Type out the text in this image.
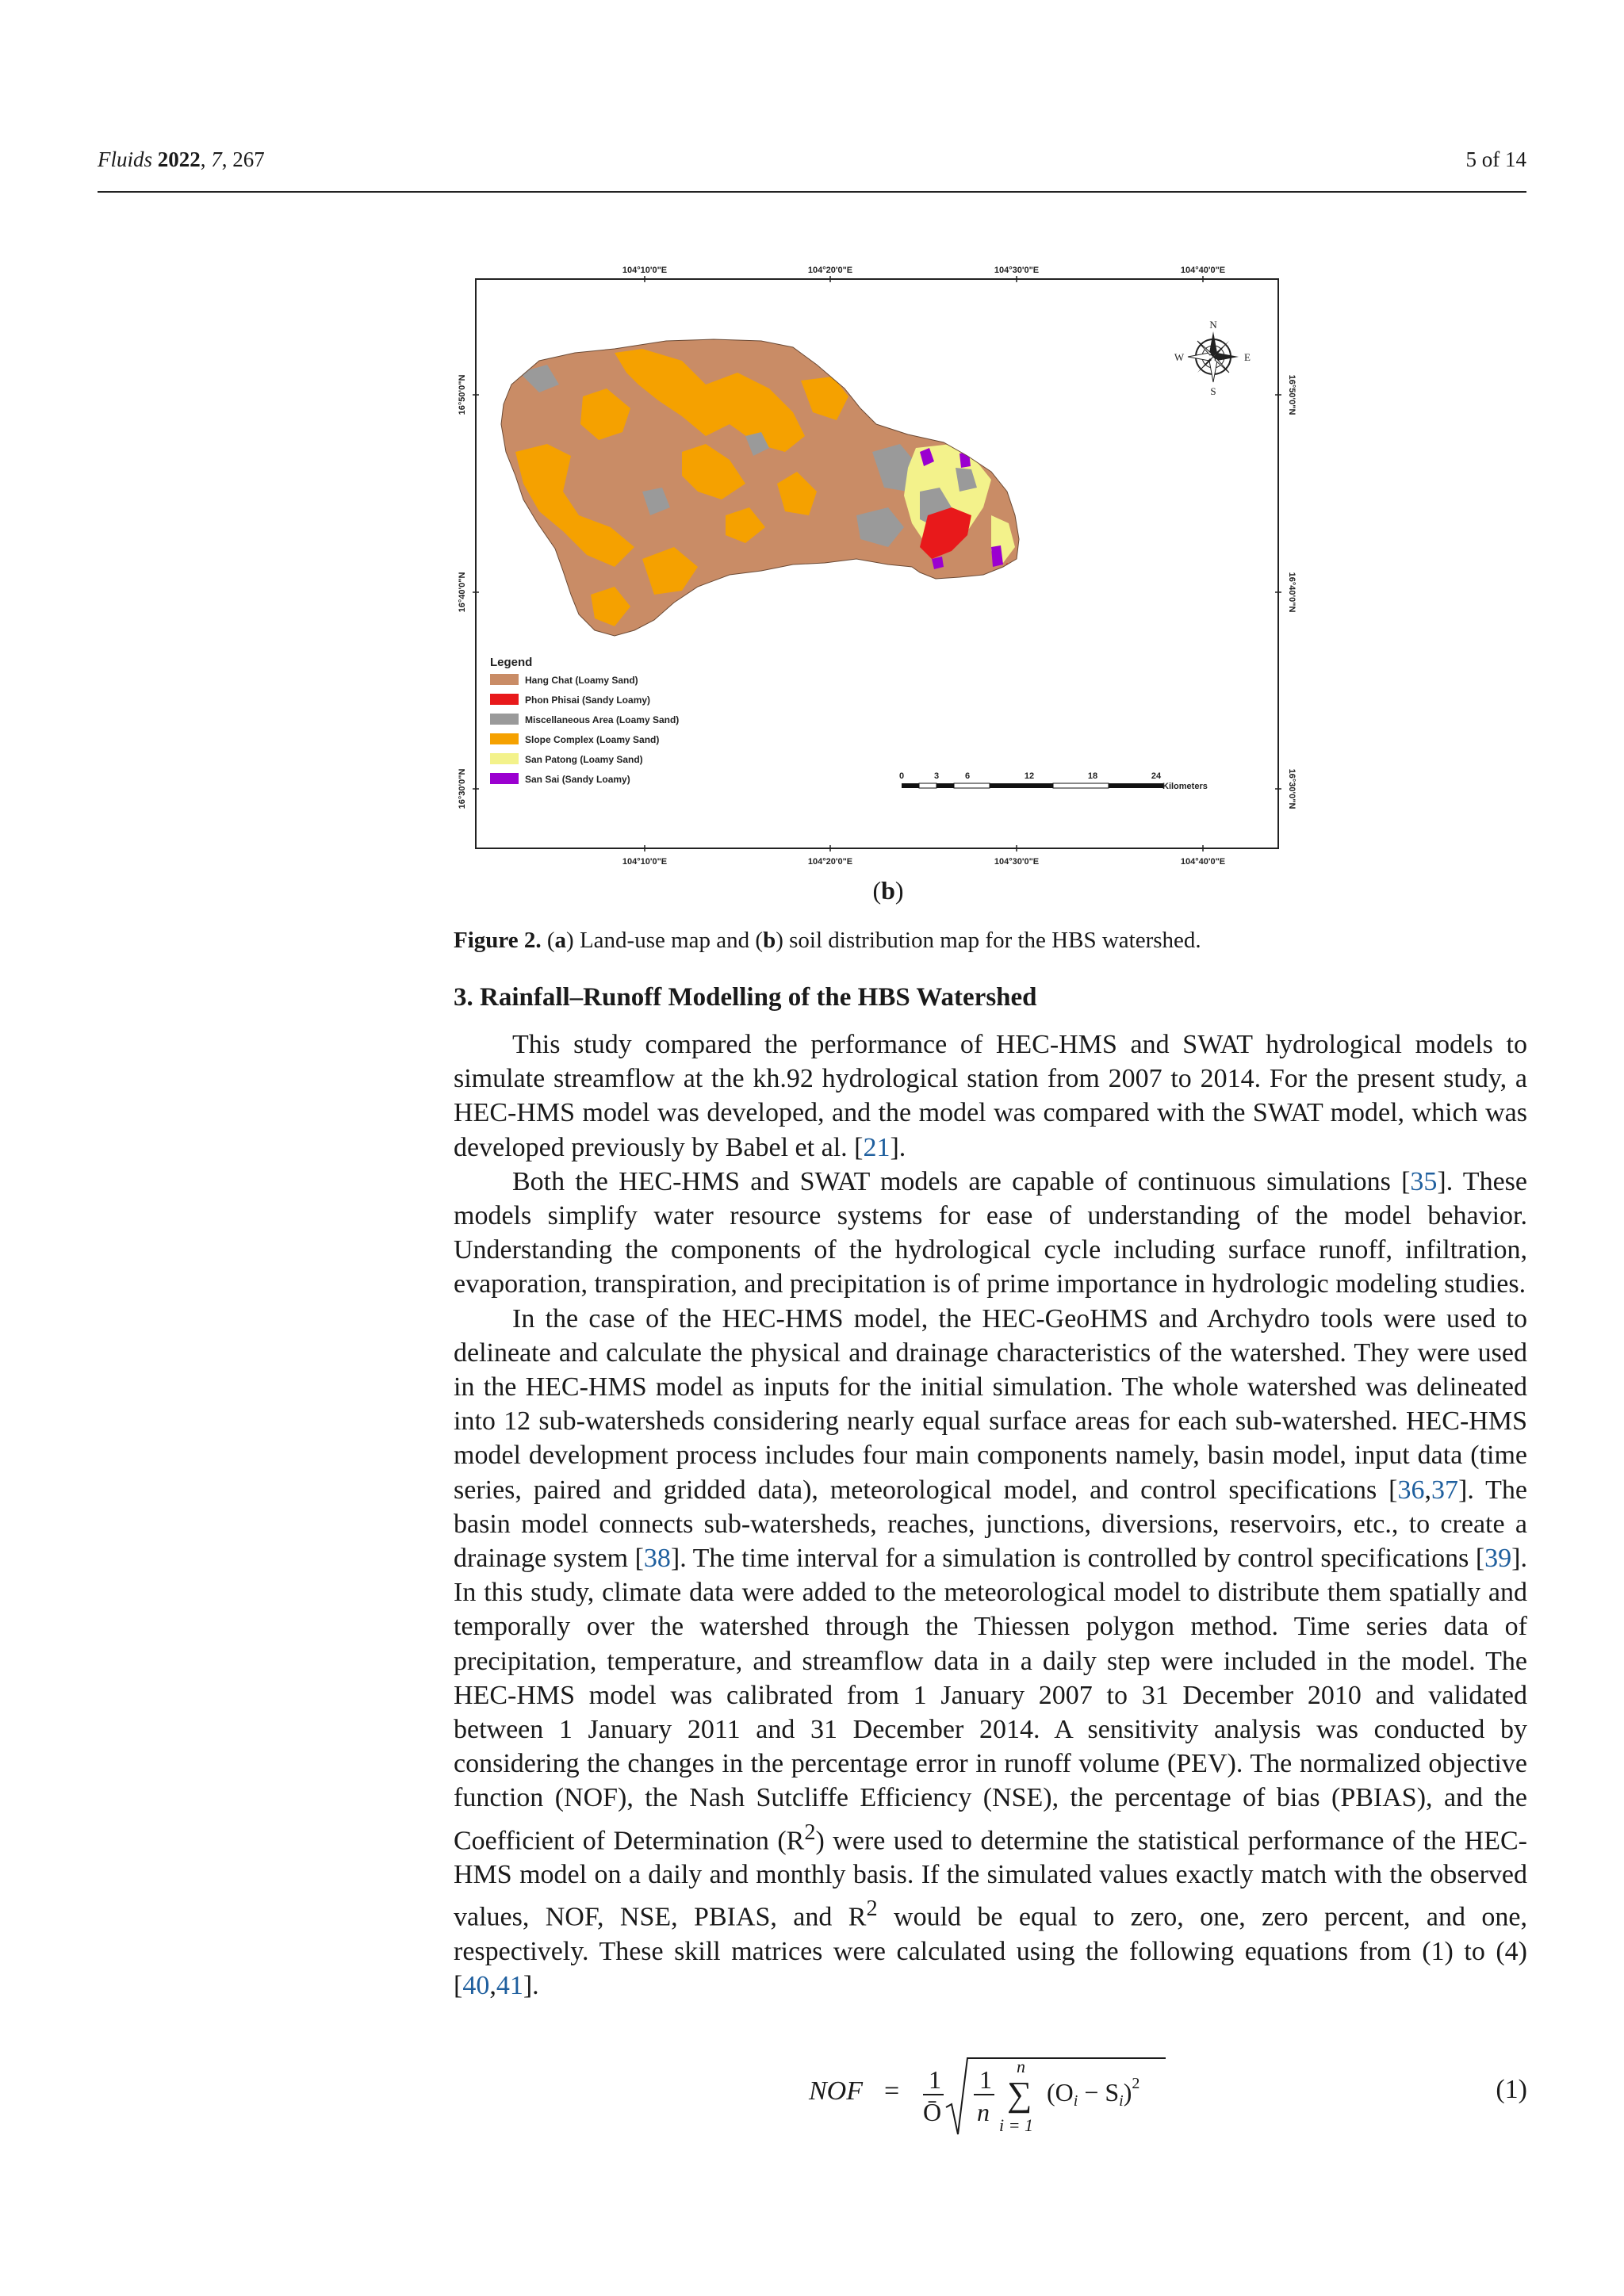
Fluids 2022, 7, 267	5 of 14
104°10'0"E	104°20'0"E	104°30'0"E	104°40'0"E
104°10'0"E	104°20'0"E	104°30'0"E	104°40'0"E
16°50'0"N
16°40'0"N
16°30'0"N
16°50'0"N
16°40'0"N
16°30'0"N
N
S
E
W
Legend
Hang Chat (Loamy Sand)
Phon Phisai (Sandy Loamy)
Miscellaneous Area (Loamy Sand)
Slope Complex (Loamy Sand)
San Patong (Loamy Sand)
San Sai (Sandy Loamy)	0	3	6	12	18	24
Kilometers
(b)
Figure 2. (a) Land-use map and (b) soil distribution map for the HBS watershed.
3. Rainfall–Runoff Modelling of the HBS Watershed

This study compared the performance of HEC-HMS and SWAT hydrological models to simulate streamflow at the kh.92 hydrological station from 2007 to 2014. For the present study, a HEC-HMS model was developed, and the model was compared with the SWAT model, which was developed previously by Babel et al. [21].

Both the HEC-HMS and SWAT models are capable of continuous simulations [35]. These models simplify water resource systems for ease of understanding of the model behavior. Understanding the components of the hydrological cycle including surface runoff, infiltration, evaporation, transpiration, and precipitation is of prime importance in hydrologic modeling studies.

In the case of the HEC-HMS model, the HEC-GeoHMS and Archydro tools were used to delineate and calculate the physical and drainage characteristics of the watershed. They were used in the HEC-HMS model as inputs for the initial simulation. The whole watershed was delineated into 12 sub-watersheds considering nearly equal surface areas for each sub-watershed. HEC-HMS model development process includes four main components namely, basin model, input data (time series, paired and gridded data), meteorological model, and control specifications [36,37]. The basin model connects sub-watersheds, reaches, junctions, diversions, reservoirs, etc., to create a drainage system [38]. The time interval for a simulation is controlled by control specifications [39]. In this study, climate data were added to the meteorological model to distribute them spatially and temporally over the watershed through the Thiessen polygon method. Time series data of precipitation, temperature, and streamflow data in a daily step were included in the model. The HEC-HMS model was calibrated from 1 January 2007 to 31 December 2010 and validated between 1 January 2011 and 31 December 2014. A sensitivity analysis was conducted by considering the changes in the percentage error in runoff volume (PEV). The normalized objective function (NOF), the Nash Sutcliffe Efficiency (NSE), the percentage of bias (PBIAS), and the Coefficient of Determination $(R^2)$ were used to determine the statistical performance of the HEC-HMS model on a daily and monthly basis. If the simulated values exactly match with the observed values, NOF, NSE, PBIAS, and $R^2$ would be equal to zero, one, zero percent, and one, respectively. These skill matrices were calculated using the following equations from (1) to (4) [40,41].

NOF = 1
Ō
1
n
n
∑
i = 1
$(Oi - Si)^2$	(1)
